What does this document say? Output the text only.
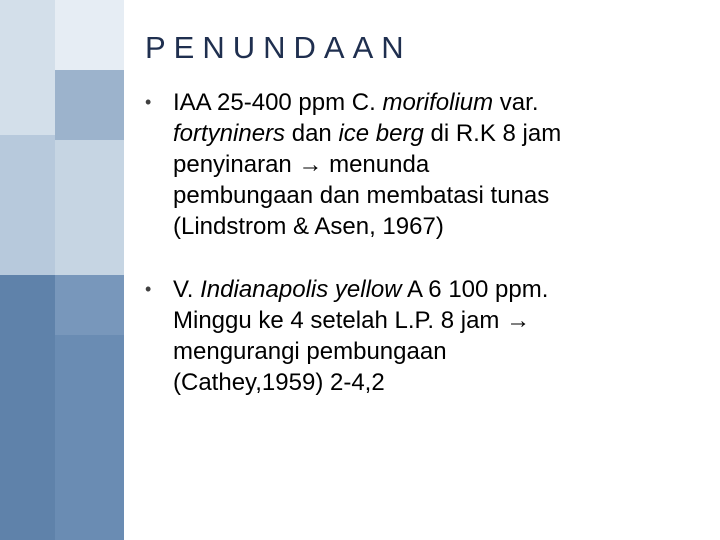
PENUNDAAN
• IAA 25-400 ppm C. morifolium var.
fortyniners dan ice berg di R.K 8 jam
penyinaran → menunda
pembungaan dan membatasi tunas
(Lindstrom & Asen, 1967)
• V. Indianapolis yellow A 6 100 ppm.
Minggu ke 4 setelah L.P. 8 jam →
mengurangi pembungaan
(Cathey,1959) 2-4,2
